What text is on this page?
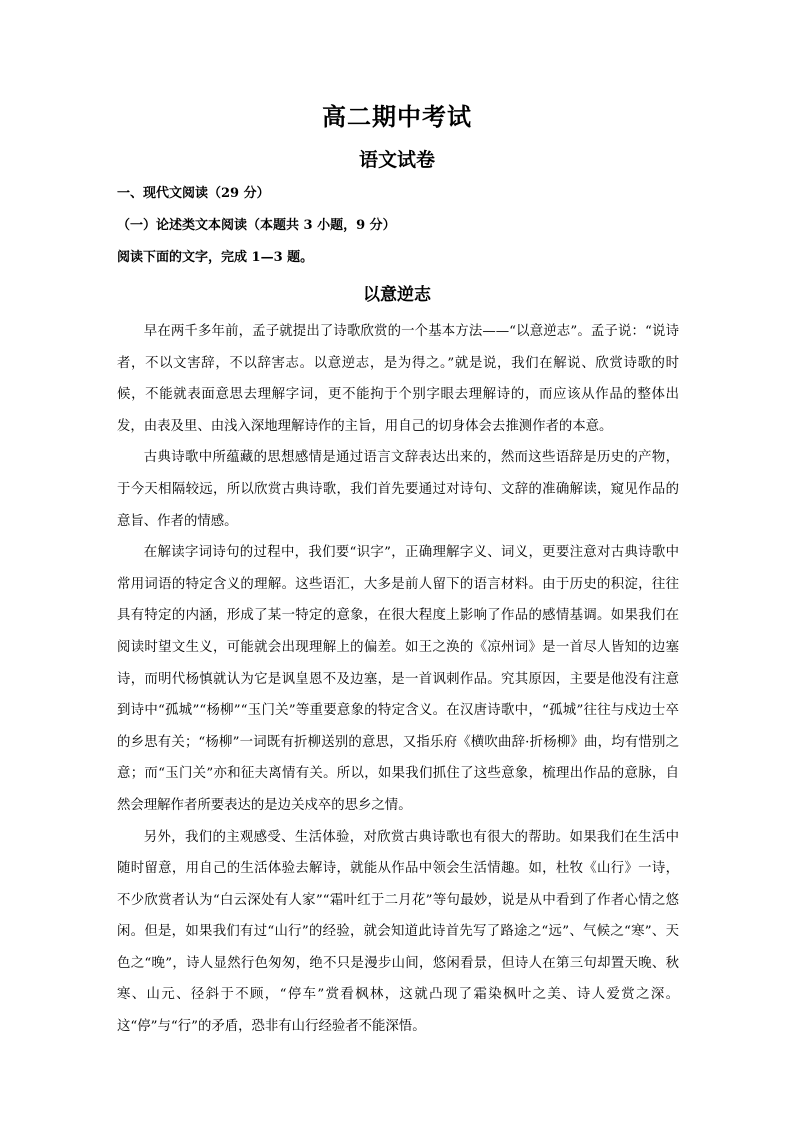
高二期中考试
语文试卷
一、现代文阅读（29 分）
（一）论述类文本阅读（本题共 3 小题，9 分）
阅读下面的文字，完成 1—3 题。
以意逆志

早在两千多年前，孟子就提出了诗歌欣赏的一个基本方法——“以意逆志”。孟子说：“说诗者，不以文害辞，不以辞害志。以意逆志，是为得之。”就是说，我们在解说、欣赏诗歌的时候，不能就表面意思去理解字词，更不能拘于个别字眼去理解诗的，而应该从作品的整体出发，由表及里、由浅入深地理解诗作的主旨，用自己的切身体会去推测作者的本意。

古典诗歌中所蕴藏的思想感情是通过语言文辞表达出来的，然而这些语辞是历史的产物，于今天相隔较远，所以欣赏古典诗歌，我们首先要通过对诗句、文辞的准确解读，窥见作品的意旨、作者的情感。

在解读字词诗句的过程中，我们要“识字”，正确理解字义、词义，更要注意对古典诗歌中常用词语的特定含义的理解。这些语汇，大多是前人留下的语言材料。由于历史的积淀，往往具有特定的内涵，形成了某一特定的意象，在很大程度上影响了作品的感情基调。如果我们在阅读时望文生义，可能就会出现理解上的偏差。如王之涣的《凉州词》是一首尽人皆知的边塞诗，而明代杨慎就认为它是讽皇恩不及边塞，是一首讽刺作品。究其原因，主要是他没有注意到诗中“孤城”“杨柳”“玉门关”等重要意象的特定含义。在汉唐诗歌中，“孤城”往往与戍边士卒的乡思有关；“杨柳”一词既有折柳送别的意思，又指乐府《横吹曲辞·折杨柳》曲，均有惜别之意；而“玉门关”亦和征夫离情有关。所以，如果我们抓住了这些意象，梳理出作品的意脉，自然会理解作者所要表达的是边关戍卒的思乡之情。

另外，我们的主观感受、生活体验，对欣赏古典诗歌也有很大的帮助。如果我们在生活中随时留意，用自己的生活体验去解诗，就能从作品中领会生活情趣。如，杜牧《山行》一诗，不少欣赏者认为“白云深处有人家”“霜叶红于二月花”等句最妙，说是从中看到了作者心情之悠闲。但是，如果我们有过“山行”的经验，就会知道此诗首先写了路途之“远”、气候之“寒”、天色之“晚”，诗人显然行色匆匆，绝不只是漫步山间，悠闲看景，但诗人在第三句却置天晚、秋寒、山元、径斜于不顾，“停车”赏看枫林，这就凸现了霜染枫叶之美、诗人爱赏之深。这“停”与“行”的矛盾，恐非有山行经验者不能深悟。
